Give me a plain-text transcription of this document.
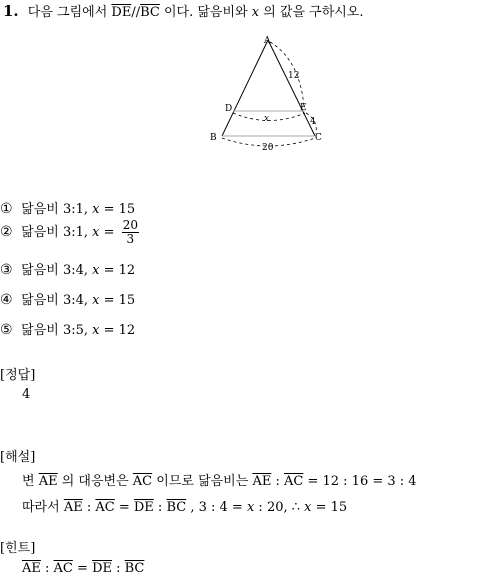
1. 다음 그림에서 $\overline{DE}//\overline{BC}$ 이다. 닮음비와 x 의 값을 구하시오.
A
D	E
B	C
12
4
x
20
① 닮음비 3:1, x = 15
② 닮음비 3:1, $x = \frac{20}{3}$
③ 닮음비 3:4, x = 12
④ 닮음비 3:4, x = 15
⑤ 닮음비 3:5, x = 12
[정답]
4
[해설]
변 $\overline{AE}$ 의 대응변은 $\overline{AC}$ 이므로 닮음비는 $\overline{AE}$ : $\overline{AC} = 12$ : 16 = 3 : 4
따라서 $\overline{AE}$ : $\overline{AC} = \overline{DE}$ : $\overline{BC}$ , 3 : 4 = x : 20, ∴ x = 15
[힌트]
$\overline{AE}$ : $\overline{AC} = \overline{DE}$ : $\overline{BC}$
